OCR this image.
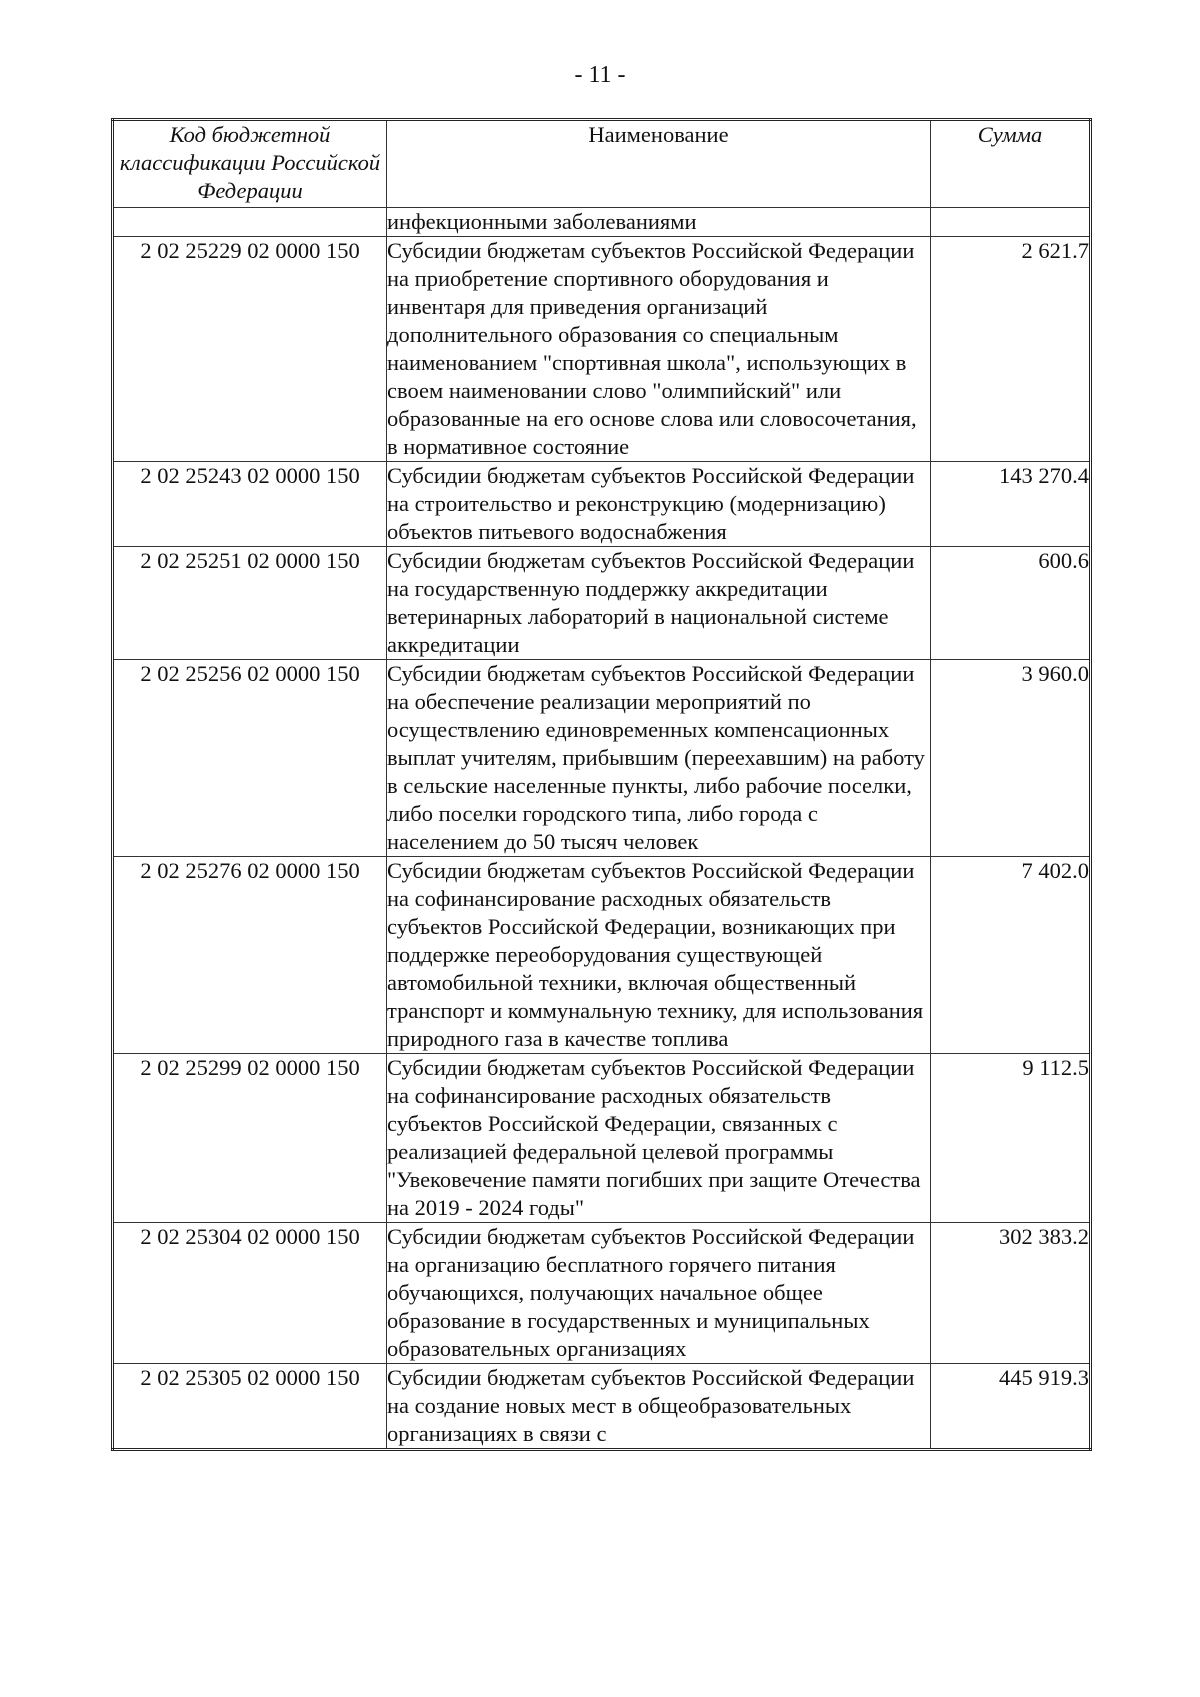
- 11 -
Код бюджетной классификации Российской Федерации	Наименование	Сумма
	инфекционными заболеваниями	
2 02 25229 02 0000 150	Субсидии бюджетам субъектов Российской Федерации на приобретение спортивного оборудования и инвентаря для приведения организаций дополнительного образования со специальным наименованием "спортивная школа", использующих в своем наименовании слово "олимпийский" или образованные на его основе слова или словосочетания, в нормативное состояние	2 621.7
2 02 25243 02 0000 150	Субсидии бюджетам субъектов Российской Федерации на строительство и реконструкцию (модернизацию) объектов питьевого водоснабжения	143 270.4
2 02 25251 02 0000 150	Субсидии бюджетам субъектов Российской Федерации на государственную поддержку аккредитации ветеринарных лабораторий в национальной системе аккредитации	600.6
2 02 25256 02 0000 150	Субсидии бюджетам субъектов Российской Федерации на обеспечение реализации мероприятий по осуществлению единовременных компенсационных выплат учителям, прибывшим (переехавшим) на работу в сельские населенные пункты, либо рабочие поселки, либо поселки городского типа, либо города с населением до 50 тысяч человек	3 960.0
2 02 25276 02 0000 150	Субсидии бюджетам субъектов Российской Федерации на софинансирование расходных обязательств субъектов Российской Федерации, возникающих при поддержке переоборудования существующей автомобильной техники, включая общественный транспорт и коммунальную технику, для использования природного газа в качестве топлива	7 402.0
2 02 25299 02 0000 150	Субсидии бюджетам субъектов Российской Федерации на софинансирование расходных обязательств субъектов Российской Федерации, связанных с реализацией федеральной целевой программы "Увековечение памяти погибших при защите Отечества на 2019 - 2024 годы"	9 112.5
2 02 25304 02 0000 150	Субсидии бюджетам субъектов Российской Федерации на организацию бесплатного горячего питания обучающихся, получающих начальное общее образование в государственных и муниципальных образовательных организациях	302 383.2
2 02 25305 02 0000 150	Субсидии бюджетам субъектов Российской Федерации на создание новых мест в общеобразовательных организациях в связи с	445 919.3
